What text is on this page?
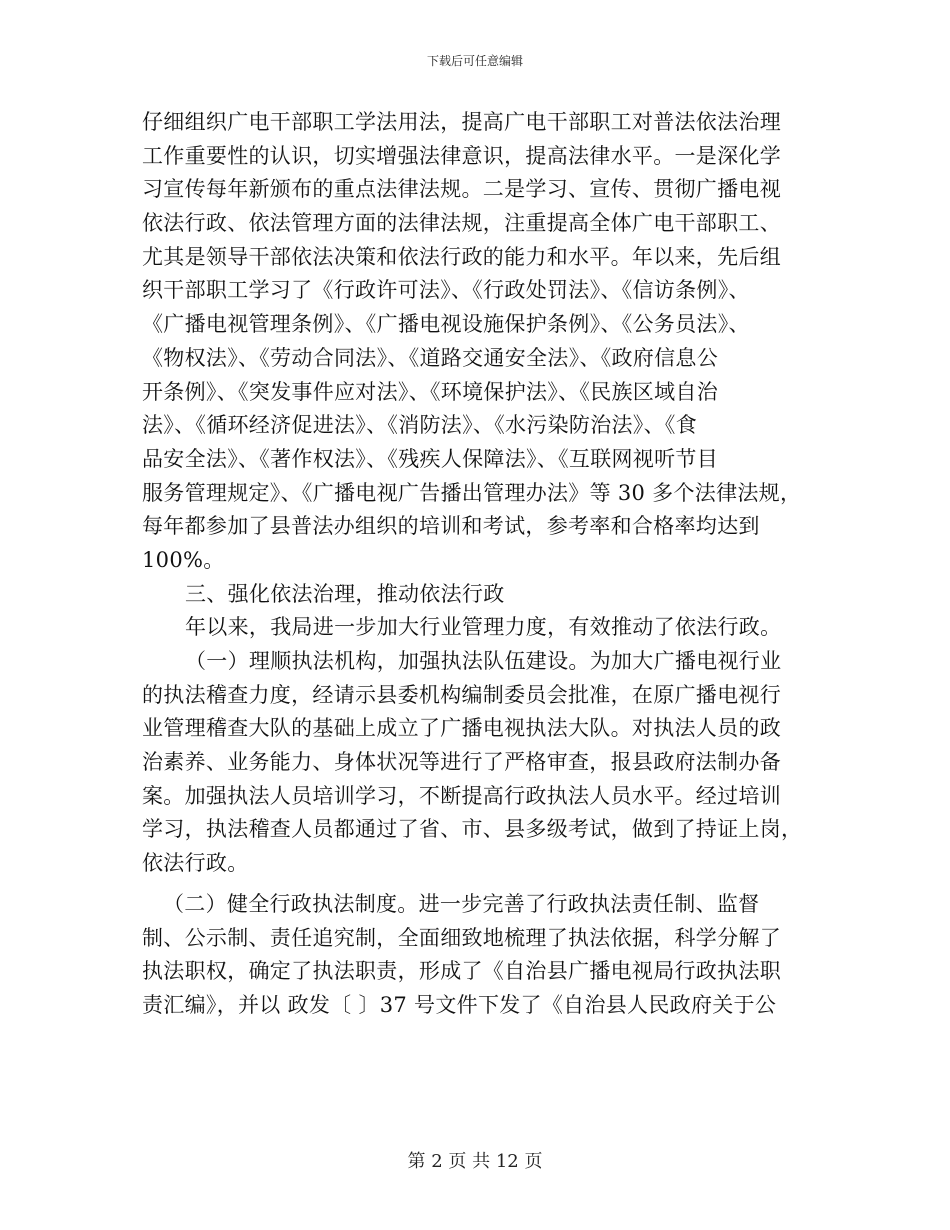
下载后可任意编辑
仔细组织广电干部职工学法用法，提高广电干部职工对普法依法治理
工作重要性的认识，切实增强法律意识，提高法律水平。一是深化学
习宣传每年新颁布的重点法律法规。二是学习、宣传、贯彻广播电视
依法行政、依法管理方面的法律法规，注重提高全体广电干部职工、
尤其是领导干部依法决策和依法行政的能力和水平。年以来，先后组
织干部职工学习了《行政许可法》、《行政处罚法》、《信访条例》、
《广播电视管理条例》、《广播电视设施保护条例》、《公务员法》、
《物权法》、《劳动合同法》、《道路交通安全法》、《政府信息公
开条例》、《突发事件应对法》、《环境保护法》、《民族区域自治
法》、《循环经济促进法》、《消防法》、《水污染防治法》、《食
品安全法》、《著作权法》、《残疾人保障法》、《互联网视听节目
服务管理规定》、《广播电视广告播出管理办法》等 30 多个法律法规，
每年都参加了县普法办组织的培训和考试，参考率和合格率均达到
100%。
三、强化依法治理，推动依法行政
年以来，我局进一步加大行业管理力度，有效推动了依法行政。
（一）理顺执法机构，加强执法队伍建设。为加大广播电视行业
的执法稽查力度，经请示县委机构编制委员会批准，在原广播电视行
业管理稽查大队的基础上成立了广播电视执法大队。对执法人员的政
治素养、业务能力、身体状况等进行了严格审查，报县政府法制办备
案。加强执法人员培训学习，不断提高行政执法人员水平。经过培训
学习，执法稽查人员都通过了省、市、县多级考试，做到了持证上岗，
依法行政。
（二）健全行政执法制度。进一步完善了行政执法责任制、监督
制、公示制、责任追究制，全面细致地梳理了执法依据，科学分解了
执法职权，确定了执法职责，形成了《自治县广播电视局行政执法职
责汇编》，并以 政发〔 〕37 号文件下发了《自治县人民政府关于公
第 2 页 共 12 页
